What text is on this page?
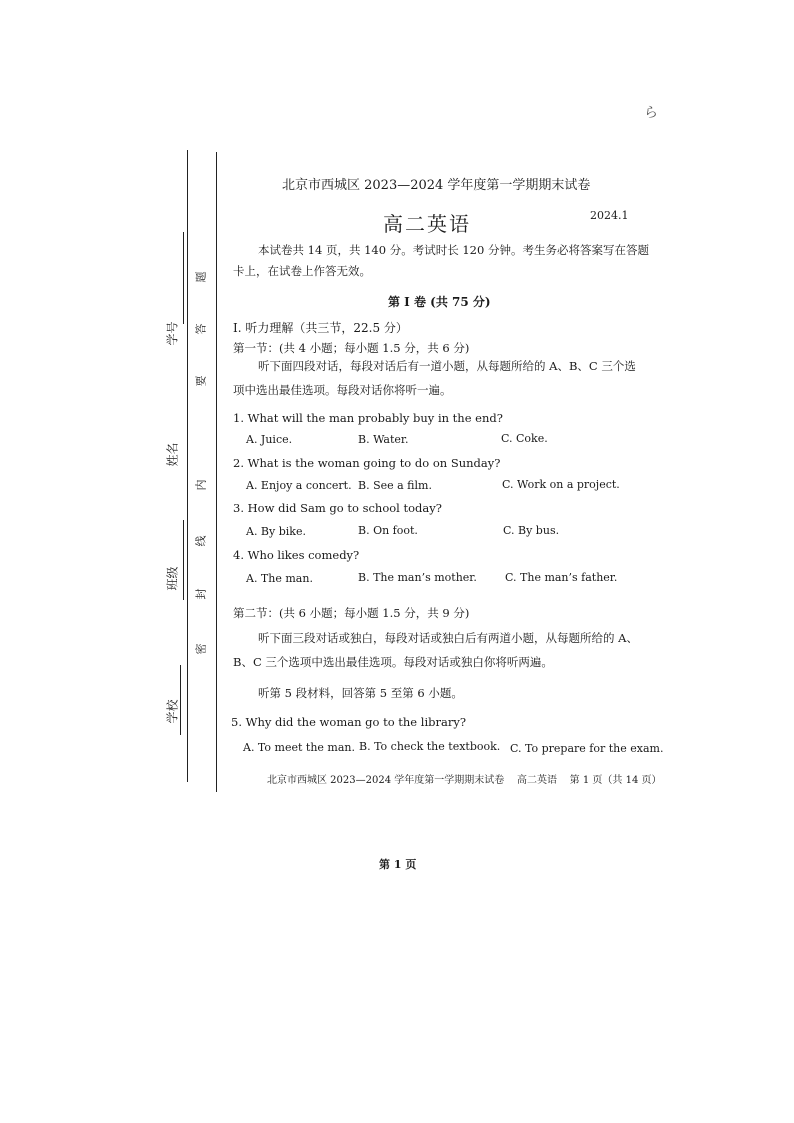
ら
学号
姓名
班级
学校
题
答
要
内
线
封
密
北京市西城区 2023—2024 学年度第一学期期末试卷
高二英语	2024.1
本试卷共 14 页，共 140 分。考试时长 120 分钟。考生务必将答案写在答题
卡上，在试卷上作答无效。
第 I 卷 (共 75 分)
I. 听力理解（共三节，22.5 分）
第一节：(共 4 小题；每小题 1.5 分，共 6 分)
听下面四段对话，每段对话后有一道小题，从每题所给的 A、B、C 三个选
项中选出最佳选项。每段对话你将听一遍。
1. What will the man probably buy in the end?
A. Juice.	B. Water.	C. Coke.
2. What is the woman going to do on Sunday?
A. Enjoy a concert. B. See a film.	C. Work on a project.
3. How did Sam go to school today?
A. By bike.	B. On foot.	C. By bus.
4. Who likes comedy?
A. The man.	B. The man’s mother.	C. The man’s father.
第二节：(共 6 小题；每小题 1.5 分，共 9 分)
听下面三段对话或独白，每段对话或独白后有两道小题，从每题所给的 A、
B、C 三个选项中选出最佳选项。每段对话或独白你将听两遍。
听第 5 段材料，回答第 5 至第 6 小题。
5. Why did the woman go to the library?
A. To meet the man. B. To check the textbook. C. To prepare for the exam.
北京市西城区 2023—2024 学年度第一学期期末试卷    高二英语    第 1 页（共 14 页）
第 1 页
